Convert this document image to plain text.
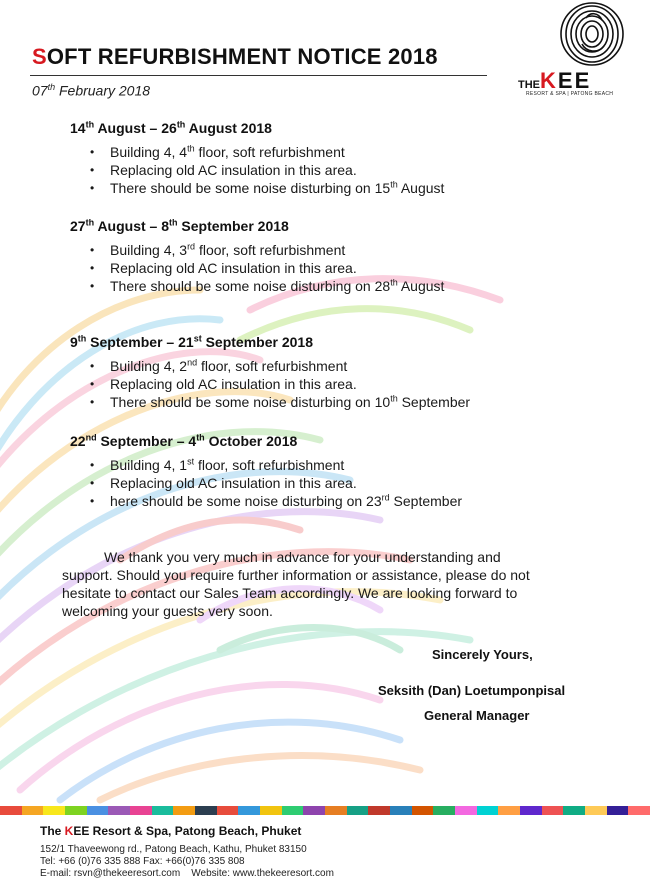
SOFT REFURBISHMENT NOTICE 2018
07th February 2018	THEKEE
RESORT & SPA | PATONG BEACH
14th August – 26th August 2018
• Building 4, 4th floor, soft refurbishment
• Replacing old AC insulation in this area.
• There should be some noise disturbing on 15th August
27th August – 8th September 2018
• Building 4, 3rd floor, soft refurbishment
• Replacing old AC insulation in this area.
• There should be some noise disturbing on 28th August
9th September – 21st September 2018
• Building 4, 2nd floor, soft refurbishment
• Replacing old AC insulation in this area.
• There should be some noise disturbing on 10th September
22nd September – 4th October 2018
• Building 4, 1st floor, soft refurbishment
• Replacing old AC insulation in this area.
• here should be some noise disturbing on 23rd September
We thank you very much in advance for your understanding and
support. Should you require further information or assistance, please do not
hesitate to contact our Sales Team accordingly. We are looking forward to
welcoming your guests very soon.
Sincerely Yours,
Seksith (Dan) Loetumponpisal
General Manager
The KEE Resort & Spa, Patong Beach, Phuket
152/1 Thaveewong rd., Patong Beach, Kathu, Phuket 83150
Tel: +66 (0)76 335 888 Fax: +66(0)76 335 808
E-mail: rsvn@thekeeresort.com    Website: www.thekeeresort.com
